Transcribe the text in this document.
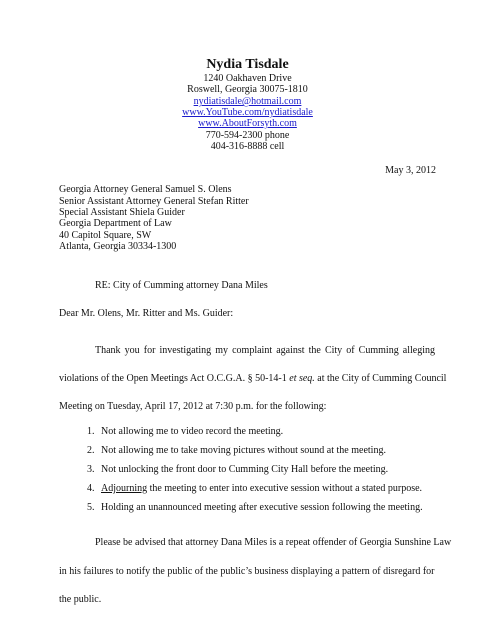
Nydia Tisdale
1240 Oakhaven Drive
Roswell, Georgia 30075-1810
nydiatisdale@hotmail.com
www.YouTube.com/nydiatisdale
www.AboutForsyth.com
770-594-2300 phone
404-316-8888 cell
May 3, 2012
Georgia Attorney General Samuel S. Olens
Senior Assistant Attorney General Stefan Ritter
Special Assistant Shiela Guider
Georgia Department of Law
40 Capitol Square, SW
Atlanta, Georgia 30334-1300
RE: City of Cumming attorney Dana Miles
Dear Mr. Olens, Mr. Ritter and Ms. Guider:
Thank you for investigating my complaint against the City of Cumming alleging
violations of the Open Meetings Act O.C.G.A. § 50-14-1 et seq. at the City of Cumming Council
Meeting on Tuesday, April 17, 2012 at 7:30 p.m. for the following:
1. Not allowing me to video record the meeting.
2. Not allowing me to take moving pictures without sound at the meeting.
3. Not unlocking the front door to Cumming City Hall before the meeting.
4. Adjourning the meeting to enter into executive session without a stated purpose.
5. Holding an unannounced meeting after executive session following the meeting.
Please be advised that attorney Dana Miles is a repeat offender of Georgia Sunshine Law
in his failures to notify the public of the public’s business displaying a pattern of disregard for
the public.
